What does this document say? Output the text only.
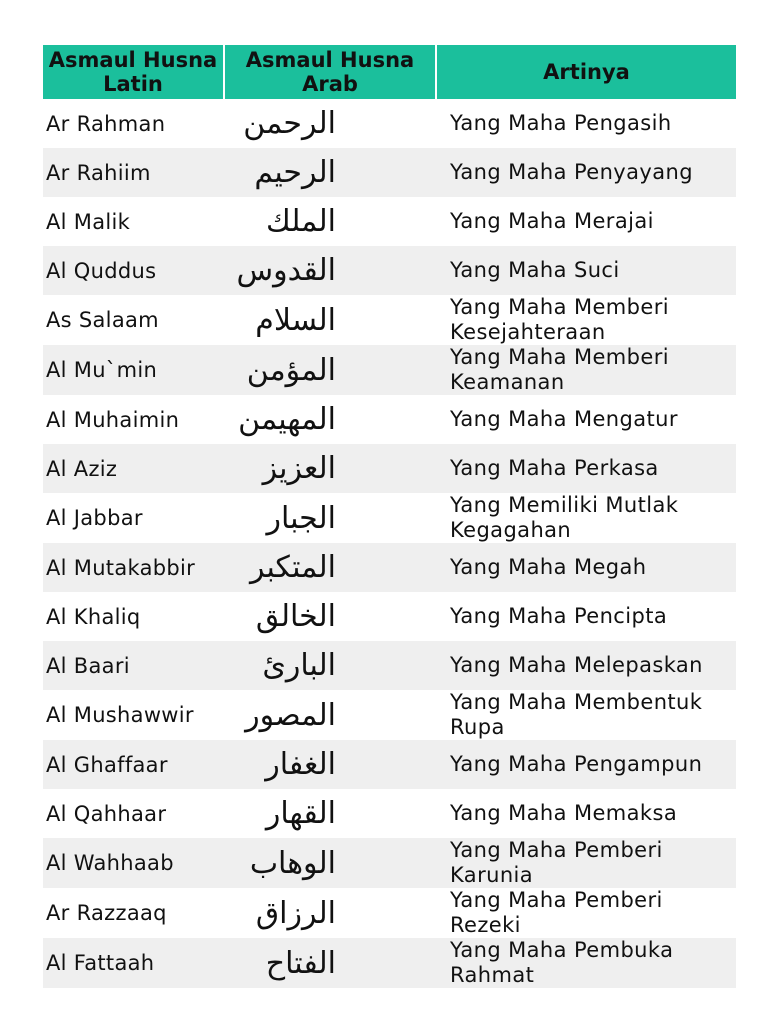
Asmaul Husna Latin	Asmaul Husna Arab	Artinya
Ar Rahman	الرحمن	Yang Maha Pengasih
Ar Rahiim	الرحيم	Yang Maha Penyayang
Al Malik	الملك	Yang Maha Merajai
Al Quddus	القدوس	Yang Maha Suci
As Salaam	السلام	Yang Maha Memberi Kesejahteraan
Al Mu`min	المؤمن	Yang Maha Memberi Keamanan
Al Muhaimin	المهيمن	Yang Maha Mengatur
Al Aziz	العزيز	Yang Maha Perkasa
Al Jabbar	الجبار	Yang Memiliki Mutlak Kegagahan
Al Mutakabbir	المتكبر	Yang Maha Megah
Al Khaliq	الخالق	Yang Maha Pencipta
Al Baari	البارئ	Yang Maha Melepaskan
Al Mushawwir	المصور	Yang Maha Membentuk Rupa
Al Ghaffaar	الغفار	Yang Maha Pengampun
Al Qahhaar	القهار	Yang Maha Memaksa
Al Wahhaab	الوهاب	Yang Maha Pemberi Karunia
Ar Razzaaq	الرزاق	Yang Maha Pemberi Rezeki
Al Fattaah	الفتاح	Yang Maha Pembuka Rahmat
